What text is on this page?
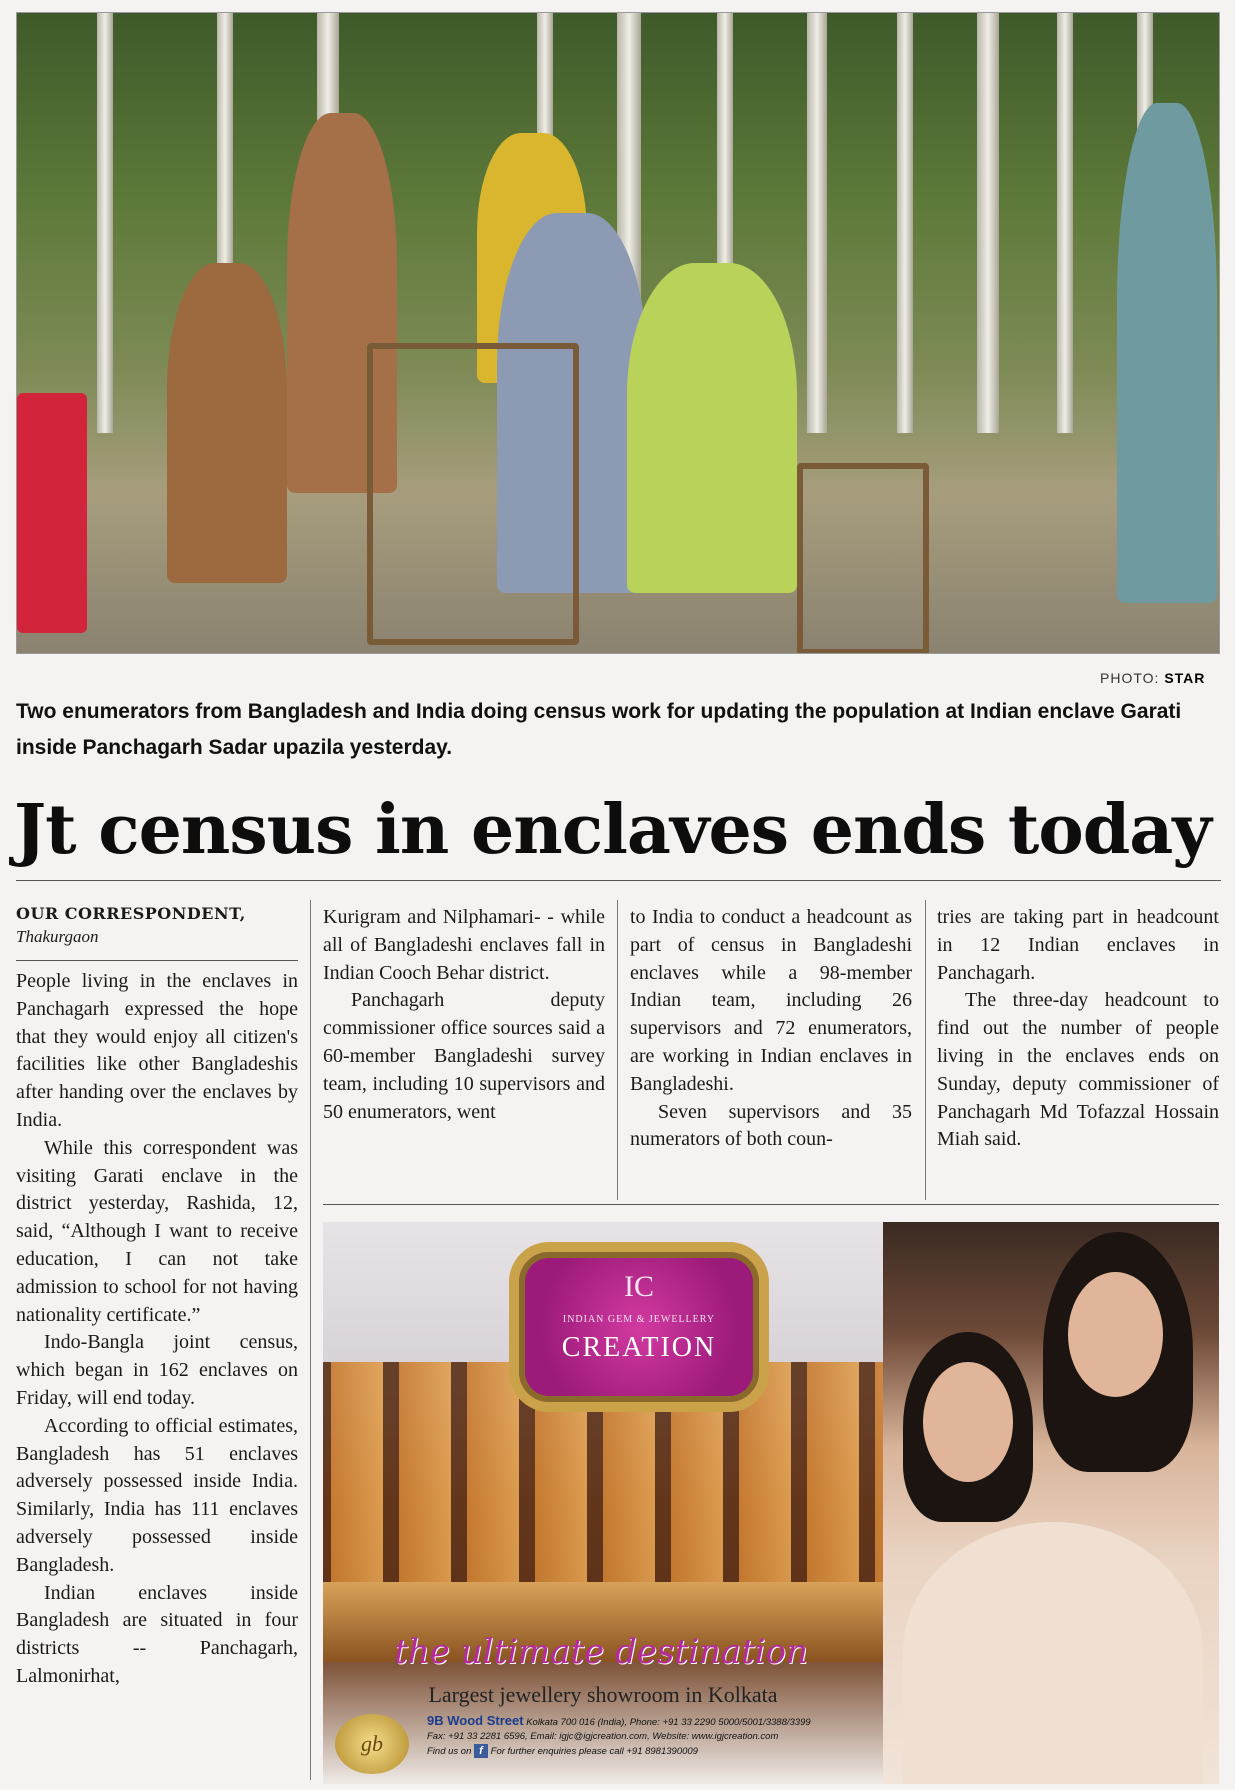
PHOTO: STAR
Two enumerators from Bangladesh and India doing census work for updating the population at Indian enclave Garati inside Panchagarh Sadar upazila yesterday.
Jt census in enclaves ends today
OUR CORRESPONDENT,
Thakurgaon

People living in the enclaves in Panchagarh expressed the hope that they would enjoy all citizen's facilities like other Bangladeshis after handing over the enclaves by India.

While this correspondent was visiting Garati enclave in the district yesterday, Rashida, 12, said, “Although I want to receive education, I can not take admission to school for not having nationality certificate.”

Indo-Bangla joint census, which began in 162 enclaves on Friday, will end today.

According to official estimates, Bangladesh has 51 enclaves adversely possessed inside India. Similarly, India has 111 enclaves adversely possessed inside Bangladesh.

Indian enclaves inside Bangladesh are situated in four districts -- Panchagarh, Lalmonirhat,

Kurigram and Nilphamari- - while all of Bangladeshi enclaves fall in Indian Cooch Behar district.

Panchagarh deputy commissioner office sources said a 60-member Bangladeshi survey team, including 10 supervisors and 50 enumerators, went

to India to conduct a headcount as part of census in Bangladeshi enclaves while a 98-member Indian team, including 26 supervisors and 72 enumerators, are working in Indian enclaves in Bangladeshi.

Seven supervisors and 35 numerators of both coun-

tries are taking part in headcount in 12 Indian enclaves in Panchagarh.

The three-day headcount to find out the number of people living in the enclaves ends on Sunday, deputy commissioner of Panchagarh Md Tofazzal Hossain Miah said.

IC
INDIAN GEM & JEWELLERY
CREATION
the ultimate destination
Largest jewellery showroom in Kolkata
gb
9B Wood Street Kolkata 700 016 (India), Phone: +91 33 2290 5000/5001/3388/3399
Fax: +91 33 2281 6596, Email: igjc@igjcreation.com, Website: www.igjcreation.com
Find us on f For further enquiries please call +91 8981390009
